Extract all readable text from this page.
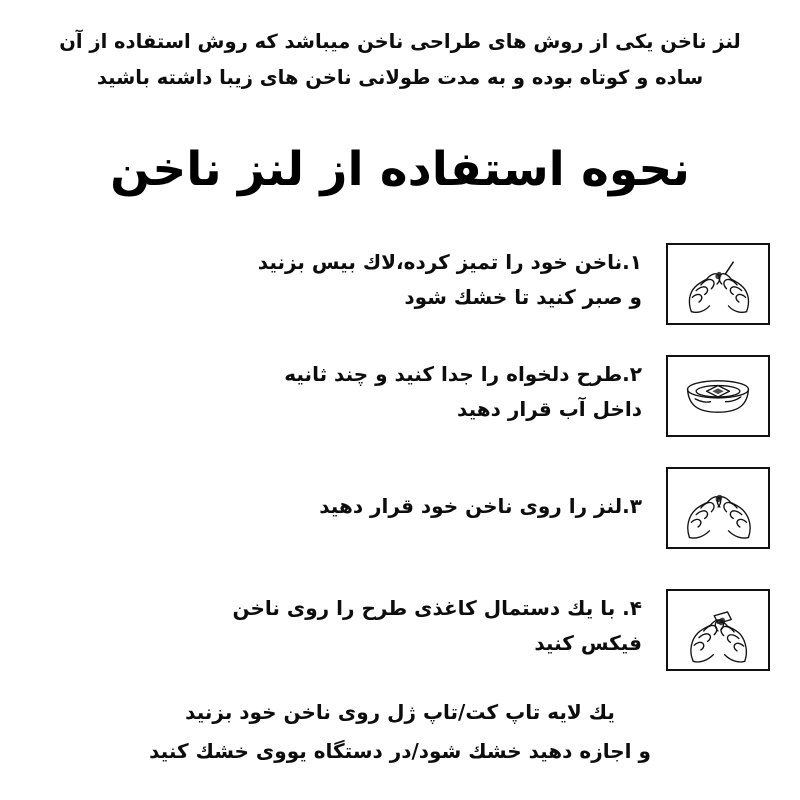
لنز ناخن یکی از روش های طراحی ناخن میباشد که روش استفاده از آن
ساده و کوتاه بوده و به مدت طولانی ناخن های زیبا داشته باشید
نحوه استفاده از لنز ناخن
۱.ناخن خود را تمیز کرده،لاك بیس بزنید
و صبر كنید تا خشك شود
۲.طرح دلخواه را جدا كنید و چند ثانیه
داخل آب قرار دهید
۳.لنز را روی ناخن خود قرار دهید
۴. با یك دستمال كاغذی طرح را روی ناخن
فیكس كنید
یك لایه تاپ كت/تاپ ژل روی ناخن خود بزنید
و اجازه دهید خشك شود/در دستگاه یووی خشك كنید
